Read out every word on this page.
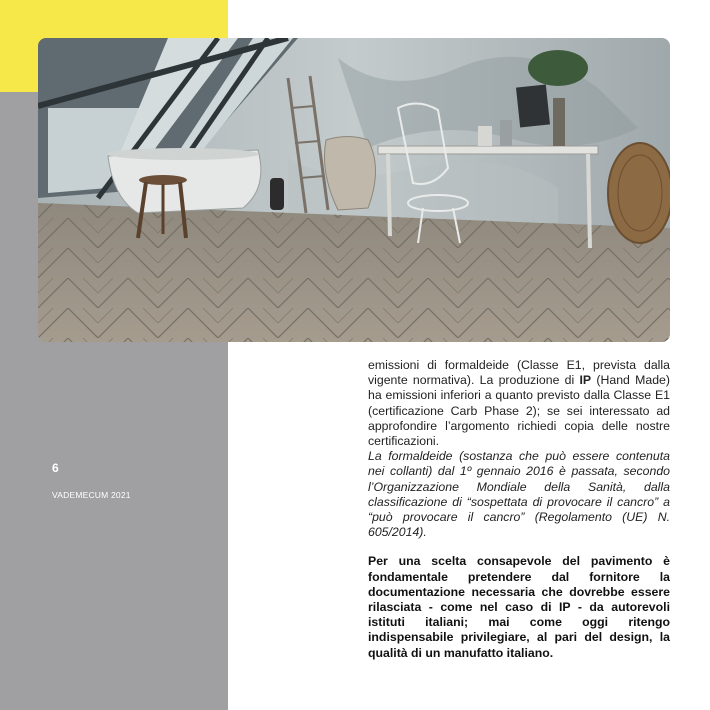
6
VADEMECUM 2021

emissioni di formaldeide (Classe E1, prevista dalla vigente normativa). La produzione di IP (Hand Made) ha emissioni inferiori a quanto previsto dalla Classe E1 (certificazione Carb Phase 2); se sei interessato ad approfondire l’argomento richiedi copia delle nostre certificazioni.

La formaldeide (sostanza che può essere contenuta nei collanti) dal 1º gennaio 2016 è passata, secondo l’Organizzazione Mondiale della Sanità, dalla classificazione di “sospettata di provocare il cancro” a “può provocare il cancro” (Regolamento (UE) N. 605/2014).

Per una scelta consapevole del pavimento è fondamentale pretendere dal fornitore la documentazione necessaria che dovrebbe essere rilasciata - come nel caso di IP - da autorevoli istituti italiani; mai come oggi ritengo indispensabile privilegiare, al pari del design, la qualità di un manufatto italiano.
